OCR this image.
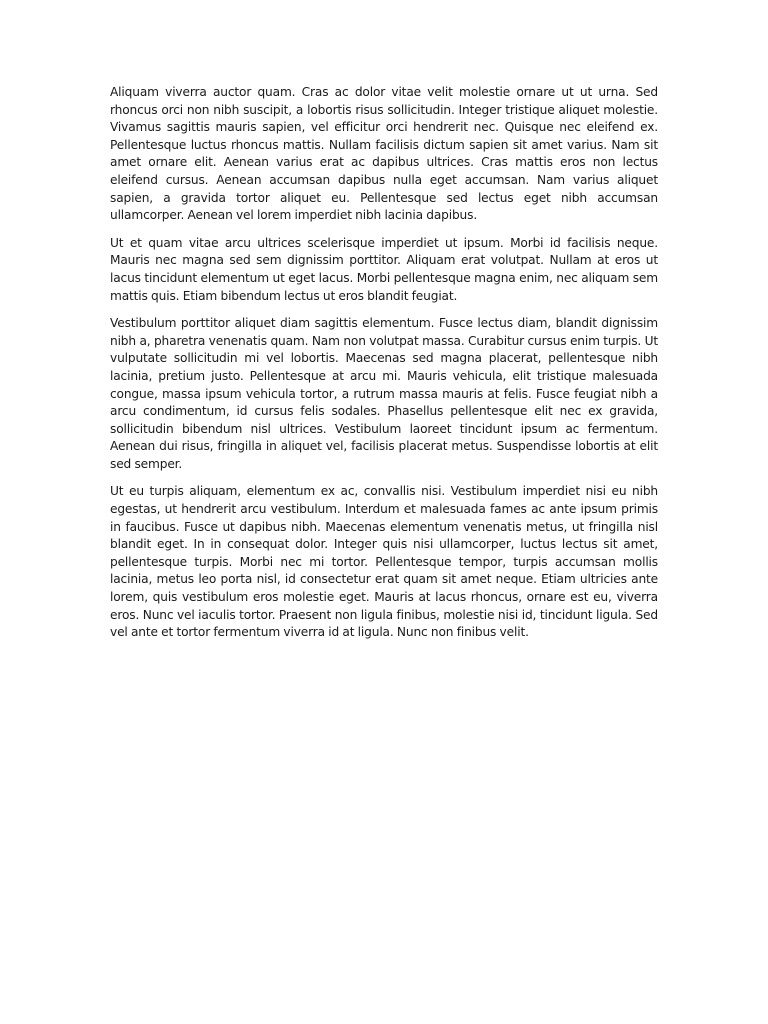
Aliquam viverra auctor quam. Cras ac dolor vitae velit molestie ornare ut ut urna. Sed rhoncus orci non nibh suscipit, a lobortis risus sollicitudin. Integer tristique aliquet molestie. Vivamus sagittis mauris sapien, vel efficitur orci hendrerit nec. Quisque nec eleifend ex. Pellentesque luctus rhoncus mattis. Nullam facilisis dictum sapien sit amet varius. Nam sit amet ornare elit. Aenean varius erat ac dapibus ultrices. Cras mattis eros non lectus eleifend cursus. Aenean accumsan dapibus nulla eget accumsan. Nam varius aliquet sapien, a gravida tortor aliquet eu. Pellentesque sed lectus eget nibh accumsan ullamcorper. Aenean vel lorem imperdiet nibh lacinia dapibus.

Ut et quam vitae arcu ultrices scelerisque imperdiet ut ipsum. Morbi id facilisis neque. Mauris nec magna sed sem dignissim porttitor. Aliquam erat volutpat. Nullam at eros ut lacus tincidunt elementum ut eget lacus. Morbi pellentesque magna enim, nec aliquam sem mattis quis. Etiam bibendum lectus ut eros blandit feugiat.

Vestibulum porttitor aliquet diam sagittis elementum. Fusce lectus diam, blandit dignissim nibh a, pharetra venenatis quam. Nam non volutpat massa. Curabitur cursus enim turpis. Ut vulputate sollicitudin mi vel lobortis. Maecenas sed magna placerat, pellentesque nibh lacinia, pretium justo. Pellentesque at arcu mi. Mauris vehicula, elit tristique malesuada congue, massa ipsum vehicula tortor, a rutrum massa mauris at felis. Fusce feugiat nibh a arcu condimentum, id cursus felis sodales. Phasellus pellentesque elit nec ex gravida, sollicitudin bibendum nisl ultrices. Vestibulum laoreet tincidunt ipsum ac fermentum. Aenean dui risus, fringilla in aliquet vel, facilisis placerat metus. Suspendisse lobortis at elit sed semper.

Ut eu turpis aliquam, elementum ex ac, convallis nisi. Vestibulum imperdiet nisi eu nibh egestas, ut hendrerit arcu vestibulum. Interdum et malesuada fames ac ante ipsum primis in faucibus. Fusce ut dapibus nibh. Maecenas elementum venenatis metus, ut fringilla nisl blandit eget. In in consequat dolor. Integer quis nisi ullamcorper, luctus lectus sit amet, pellentesque turpis. Morbi nec mi tortor. Pellentesque tempor, turpis accumsan mollis lacinia, metus leo porta nisl, id consectetur erat quam sit amet neque. Etiam ultricies ante lorem, quis vestibulum eros molestie eget. Mauris at lacus rhoncus, ornare est eu, viverra eros. Nunc vel iaculis tortor. Praesent non ligula finibus, molestie nisi id, tincidunt ligula. Sed vel ante et tortor fermentum viverra id at ligula. Nunc non finibus velit.
